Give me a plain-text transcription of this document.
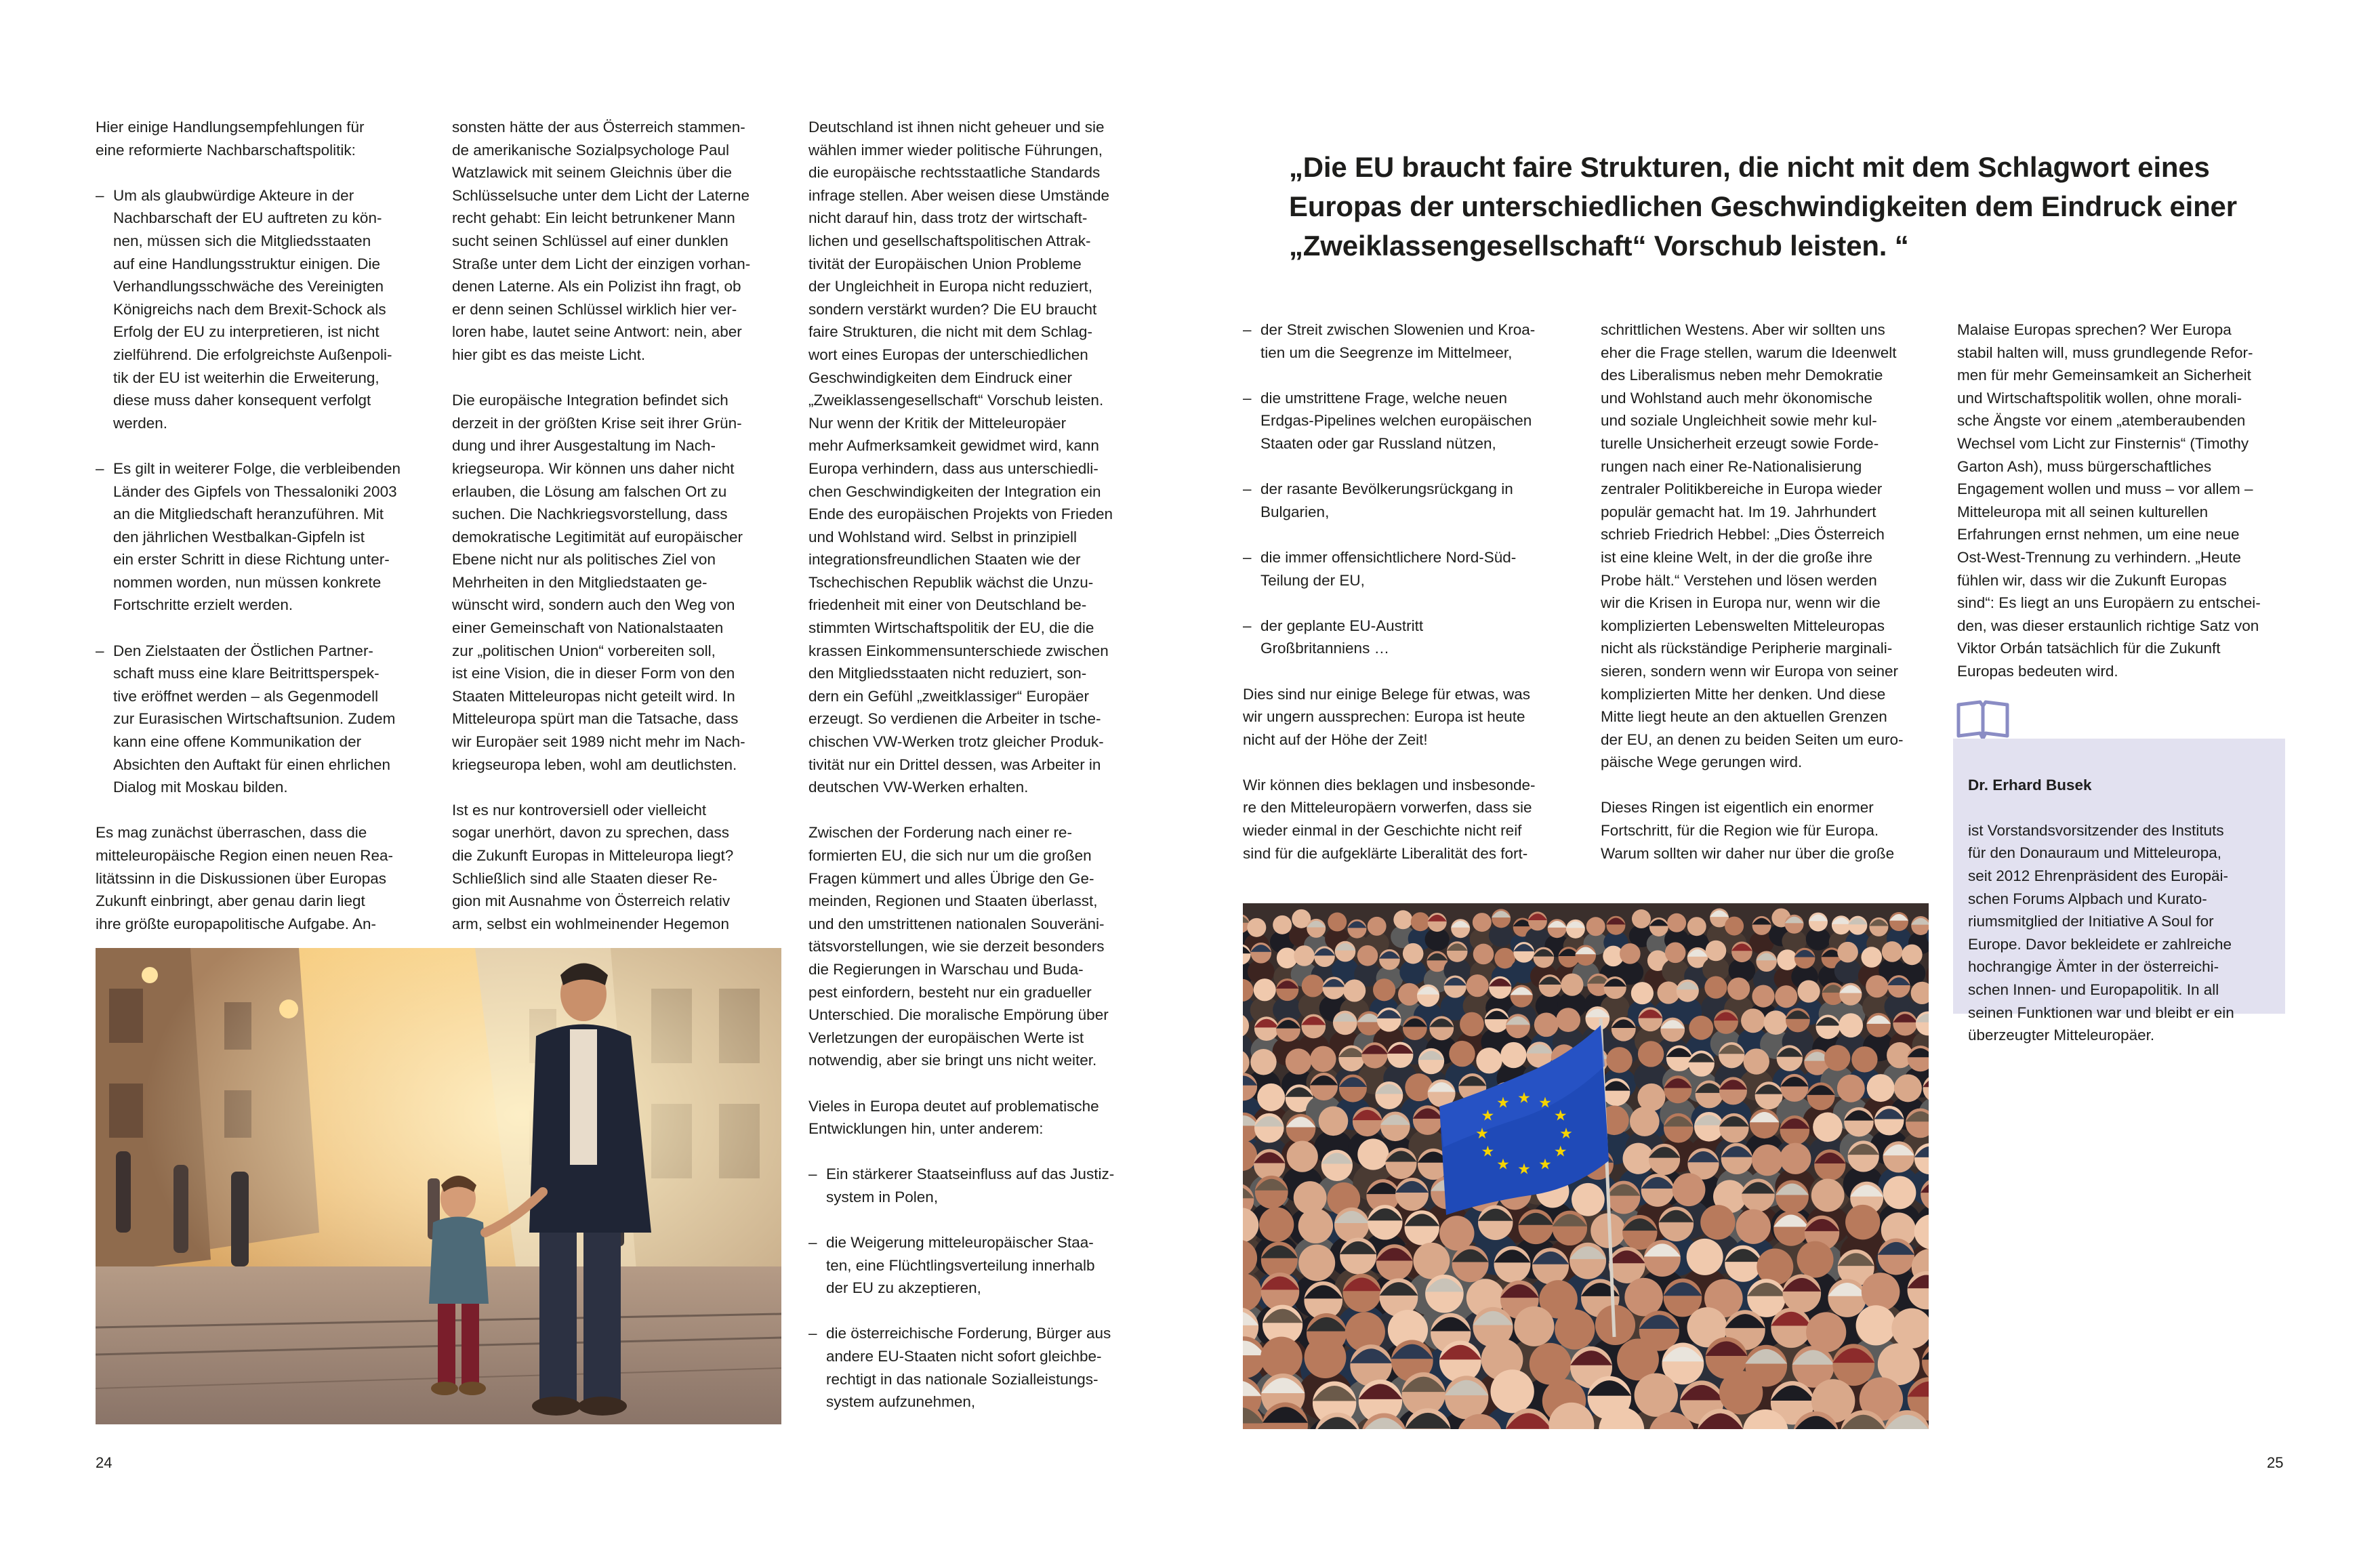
Hier einige Handlungsempfehlungen für
eine reformierte Nachbarschaftspolitik:

– Um als glaubwürdige Akteure in der
Nachbarschaft der EU auftreten zu kön-
nen, müssen sich die Mitgliedsstaaten
auf eine Handlungsstruktur einigen. Die
Verhandlungsschwäche des Vereinigten
Königreichs nach dem Brexit-Schock als
Erfolg der EU zu interpretieren, ist nicht
zielführend. Die erfolgreichste Außenpoli-
tik der EU ist weiterhin die Erweiterung,
diese muss daher konsequent verfolgt
werden.
– Es gilt in weiterer Folge, die verbleibenden
Länder des Gipfels von Thessaloniki 2003
an die Mitgliedschaft heranzuführen. Mit
den jährlichen Westbalkan-Gipfeln ist
ein erster Schritt in diese Richtung unter-
nommen worden, nun müssen konkrete
Fortschritte erzielt werden.
– Den Zielstaaten der Östlichen Partner-
schaft muss eine klare Beitrittsperspek-
tive eröffnet werden – als Gegenmodell
zur Eurasischen Wirtschaftsunion. Zudem
kann eine offene Kommunikation der
Absichten den Auftakt für einen ehrlichen
Dialog mit Moskau bilden.

Es mag zunächst überraschen, dass die
mitteleuropäische Region einen neuen Rea-
litätssinn in die Diskussionen über Europas
Zukunft einbringt, aber genau darin liegt
ihre größte europapolitische Aufgabe. An-

sonsten hätte der aus Österreich stammen-
de amerikanische Sozialpsychologe Paul
Watzlawick mit seinem Gleichnis über die
Schlüsselsuche unter dem Licht der Laterne
recht gehabt: Ein leicht betrunkener Mann
sucht seinen Schlüssel auf einer dunklen
Straße unter dem Licht der einzigen vorhan-
denen Laterne. Als ein Polizist ihn fragt, ob
er denn seinen Schlüssel wirklich hier ver-
loren habe, lautet seine Antwort: nein, aber
hier gibt es das meiste Licht.

Die europäische Integration befindet sich
derzeit in der größten Krise seit ihrer Grün-
dung und ihrer Ausgestaltung im Nach-
kriegseuropa. Wir können uns daher nicht
erlauben, die Lösung am falschen Ort zu
suchen. Die Nachkriegsvorstellung, dass
demokratische Legitimität auf europäischer
Ebene nicht nur als politisches Ziel von
Mehrheiten in den Mitgliedstaaten ge-
wünscht wird, sondern auch den Weg von
einer Gemeinschaft von Nationalstaaten
zur „politischen Union“ vorbereiten soll,
ist eine Vision, die in dieser Form von den
Staaten Mitteleuropas nicht geteilt wird. In
Mitteleuropa spürt man die Tatsache, dass
wir Europäer seit 1989 nicht mehr im Nach-
kriegseuropa leben, wohl am deutlichsten.

Ist es nur kontroversiell oder vielleicht
sogar unerhört, davon zu sprechen, dass
die Zukunft Europas in Mitteleuropa liegt?
Schließlich sind alle Staaten dieser Re-
gion mit Ausnahme von Österreich relativ
arm, selbst ein wohlmeinender Hegemon

Deutschland ist ihnen nicht geheuer und sie
wählen immer wieder politische Führungen,
die europäische rechtsstaatliche Standards
infrage stellen. Aber weisen diese Umstände
nicht darauf hin, dass trotz der wirtschaft-
lichen und gesellschaftspolitischen Attrak-
tivität der Europäischen Union Probleme
der Ungleichheit in Europa nicht reduziert,
sondern verstärkt wurden? Die EU braucht
faire Strukturen, die nicht mit dem Schlag-
wort eines Europas der unterschiedlichen
Geschwindigkeiten dem Eindruck einer
„Zweiklassengesellschaft“ Vorschub leisten.
Nur wenn der Kritik der Mitteleuropäer
mehr Aufmerksamkeit gewidmet wird, kann
Europa verhindern, dass aus unterschiedli-
chen Geschwindigkeiten der Integration ein
Ende des europäischen Projekts von Frieden
und Wohlstand wird. Selbst in prinzipiell
integrationsfreundlichen Staaten wie der
Tschechischen Republik wächst die Unzu-
friedenheit mit einer von Deutschland be-
stimmten Wirtschaftspolitik der EU, die die
krassen Einkommensunterschiede zwischen
den Mitgliedsstaaten nicht reduziert, son-
dern ein Gefühl „zweitklassiger“ Europäer
erzeugt. So verdienen die Arbeiter in tsche-
chischen VW-Werken trotz gleicher Produk-
tivität nur ein Drittel dessen, was Arbeiter in
deutschen VW-Werken erhalten.

Zwischen der Forderung nach einer re-
formierten EU, die sich nur um die großen
Fragen kümmert und alles Übrige den Ge-
meinden, Regionen und Staaten überlasst,
und den umstrittenen nationalen Souveräni-
tätsvorstellungen, wie sie derzeit besonders
die Regierungen in Warschau und Buda-
pest einfordern, besteht nur ein gradueller
Unterschied. Die moralische Empörung über
Verletzungen der europäischen Werte ist
notwendig, aber sie bringt uns nicht weiter.

Vieles in Europa deutet auf problematische
Entwicklungen hin, unter anderem:

– Ein stärkerer Staatseinfluss auf das Justiz-
system in Polen,
– die Weigerung mitteleuropäischer Staa-
ten, eine Flüchtlingsverteilung innerhalb
der EU zu akzeptieren,
– die österreichische Forderung, Bürger aus
andere EU-Staaten nicht sofort gleichbe-
rechtigt in das nationale Sozialleistungs-
system aufzunehmen,
24
„Die EU braucht faire Strukturen, die nicht mit dem Schlagwort eines
Europas der unterschiedlichen Geschwindigkeiten dem Eindruck einer
„Zweiklassengesellschaft“ Vorschub leisten. “
– der Streit zwischen Slowenien und Kroa-
tien um die Seegrenze im Mittelmeer,
– die umstrittene Frage, welche neuen
Erdgas-Pipelines welchen europäischen
Staaten oder gar Russland nützen,
– der rasante Bevölkerungsrückgang in
Bulgarien,
– die immer offensichtlichere Nord-Süd-
Teilung der EU,
– der geplante EU-Austritt
Großbritanniens …

Dies sind nur einige Belege für etwas, was
wir ungern aussprechen: Europa ist heute
nicht auf der Höhe der Zeit!

Wir können dies beklagen und insbesonde-
re den Mitteleuropäern vorwerfen, dass sie
wieder einmal in der Geschichte nicht reif
sind für die aufgeklärte Liberalität des fort-

schrittlichen Westens. Aber wir sollten uns
eher die Frage stellen, warum die Ideenwelt
des Liberalismus neben mehr Demokratie
und Wohlstand auch mehr ökonomische
und soziale Ungleichheit sowie mehr kul-
turelle Unsicherheit erzeugt sowie Forde-
rungen nach einer Re-Nationalisierung
zentraler Politikbereiche in Europa wieder
populär gemacht hat. Im 19. Jahrhundert
schrieb Friedrich Hebbel: „Dies Österreich
ist eine kleine Welt, in der die große ihre
Probe hält.“ Verstehen und lösen werden
wir die Krisen in Europa nur, wenn wir die
komplizierten Lebenswelten Mitteleuropas
nicht als rückständige Peripherie marginali-
sieren, sondern wenn wir Europa von seiner
komplizierten Mitte her denken. Und diese
Mitte liegt heute an den aktuellen Grenzen
der EU, an denen zu beiden Seiten um euro-
päische Wege gerungen wird.

Dieses Ringen ist eigentlich ein enormer
Fortschritt, für die Region wie für Europa.
Warum sollten wir daher nur über die große

Malaise Europas sprechen? Wer Europa
stabil halten will, muss grundlegende Refor-
men für mehr Gemeinsamkeit an Sicherheit
und Wirtschaftspolitik wollen, ohne morali-
sche Ängste vor einem „atemberaubenden
Wechsel vom Licht zur Finsternis“ (Timothy
Garton Ash), muss bürgerschaftliches
Engagement wollen und muss – vor allem –
Mitteleuropa mit all seinen kulturellen
Erfahrungen ernst nehmen, um eine neue
Ost-West-Trennung zu verhindern. „Heute
fühlen wir, dass wir die Zukunft Europas
sind“: Es liegt an uns Europäern zu entschei-
den, was dieser erstaunlich richtige Satz von
Viktor Orbán tatsächlich für die Zukunft
Europas bedeuten wird.

Dr. Erhard Busek

ist Vorstandsvorsitzender des Instituts
für den Donauraum und Mitteleuropa,
seit 2012 Ehrenpräsident des Europäi-
schen Forums Alpbach und Kurato-
riumsmitglied der Initiative A Soul for
Europe. Davor bekleidete er zahlreiche
hochrangige Ämter in der österreichi-
schen Innen- und Europapolitik. In all
seinen Funktionen war und bleibt er ein
überzeugter Mitteleuropäer.

★
★
★
★
★
★
★
★
★ ★ ★
★
25
